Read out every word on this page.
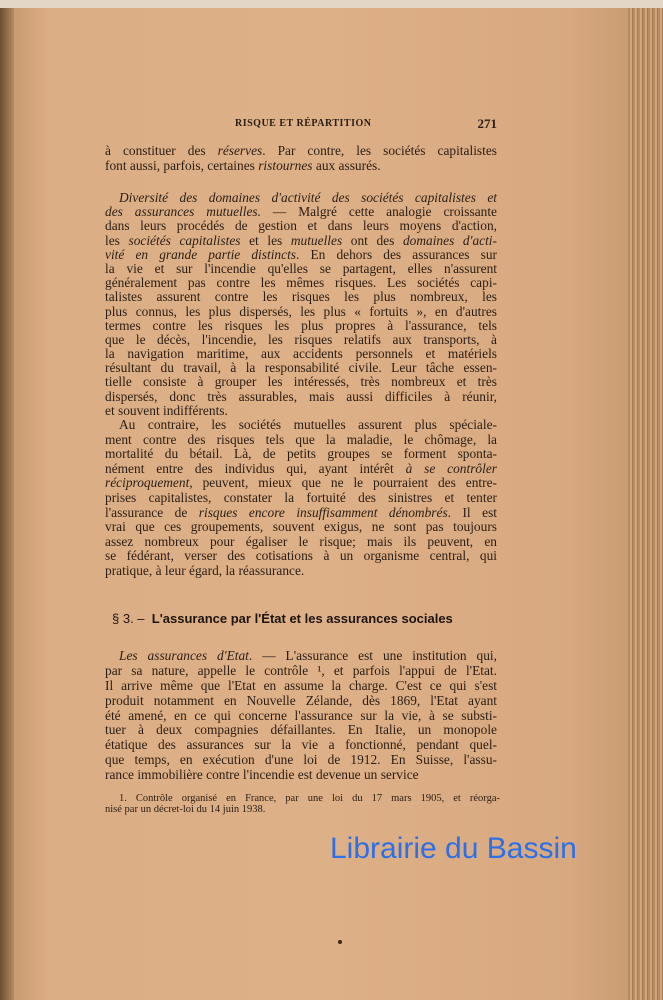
RISQUE ET RÉPARTITION	271
à constituer des réserves. Par contre, les sociétés capitalistes
font aussi, parfois, certaines ristournes aux assurés.
Diversité des domaines d'activité des sociétés capitalistes et
des assurances mutuelles. — Malgré cette analogie croissante
dans leurs procédés de gestion et dans leurs moyens d'action,
les sociétés capitalistes et les mutuelles ont des domaines d'acti-
vité en grande partie distincts. En dehors des assurances sur
la vie et sur l'incendie qu'elles se partagent, elles n'assurent
généralement pas contre les mêmes risques. Les sociétés capi-
talistes assurent contre les risques les plus nombreux, les
plus connus, les plus dispersés, les plus « fortuits », en d'autres
termes contre les risques les plus propres à l'assurance, tels
que le décès, l'incendie, les risques relatifs aux transports, à
la navigation maritime, aux accidents personnels et matériels
résultant du travail, à la responsabilité civile. Leur tâche essen-
tielle consiste à grouper les intéressés, très nombreux et très
dispersés, donc très assurables, mais aussi difficiles à réunir,
et souvent indifférents.
Au contraire, les sociétés mutuelles assurent plus spéciale-
ment contre des risques tels que la maladie, le chômage, la
mortalité du bétail. Là, de petits groupes se forment sponta-
nément entre des individus qui, ayant intérêt à se contrôler
réciproquement, peuvent, mieux que ne le pourraient des entre-
prises capitalistes, constater la fortuité des sinistres et tenter
l'assurance de risques encore insuffisamment dénombrés. Il est
vrai que ces groupements, souvent exigus, ne sont pas toujours
assez nombreux pour égaliser le risque; mais ils peuvent, en
se fédérant, verser des cotisations à un organisme central, qui
pratique, à leur égard, la réassurance.
§ 3. – L'assurance par l'État et les assurances sociales
Les assurances d'Etat. — L'assurance est une institution qui,
par sa nature, appelle le contrôle ¹, et parfois l'appui de l'Etat.
Il arrive même que l'Etat en assume la charge. C'est ce qui s'est
produit notamment en Nouvelle Zélande, dès 1869, l'Etat ayant
été amené, en ce qui concerne l'assurance sur la vie, à se substi-
tuer à deux compagnies défaillantes. En Italie, un monopole
étatique des assurances sur la vie a fonctionné, pendant quel-
que temps, en exécution d'une loi de 1912. En Suisse, l'assu-
rance immobilière contre l'incendie est devenue un service
1. Contrôle organisé en France, par une loi du 17 mars 1905, et réorga-
nisé par un décret-loi du 14 juin 1938.
Librairie du Bassin
